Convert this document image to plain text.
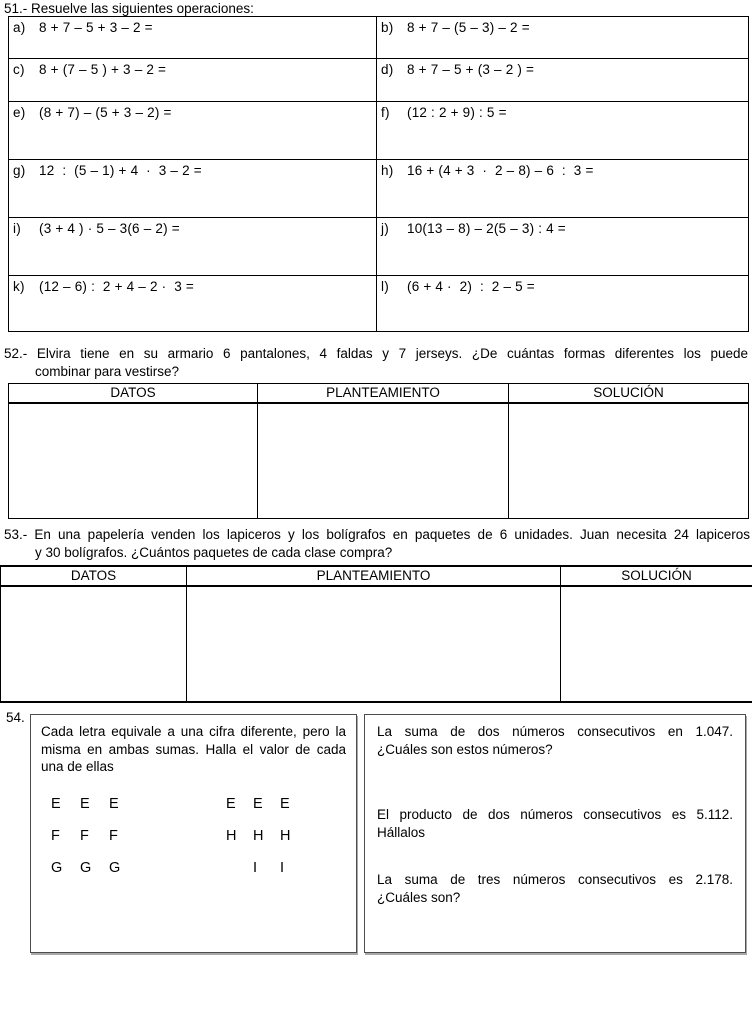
51.- Resuelve las siguientes operaciones:
a) 8 + 7 – 5 + 3 – 2 =	b) 8 + 7 – (5 – 3) – 2 =
c) 8 + (7 – 5 ) + 3 – 2 =	d) 8 + 7 – 5 + (3 – 2 ) =
e) (8 + 7) – (5 + 3 – 2) =	f) (12 : 2 + 9) : 5 =
g) 12  :  (5 – 1) + 4  ·  3 – 2 =	h) 16 + (4 + 3  ·  2 – 8) – 6  :  3 =
i) (3 + 4 ) · 5 – 3(6 – 2) =	j) 10(13 – 8) – 2(5 – 3) : 4 =
k) (12 – 6) :  2 + 4 – 2 ·  3 =	l) (6 + 4 ·  2)  :  2 – 5 =
52.- Elvira tiene en su armario 6 pantalones, 4 faldas y 7 jerseys. ¿De cuántas formas diferentes los puede
combinar para vestirse?
DATOS	PLANTEAMIENTO	SOLUCIÓN

53.- En una papelería venden los lapiceros y los bolígrafos en paquetes de 6 unidades. Juan necesita 24 lapiceros
y 30 bolígrafos. ¿Cuántos paquetes de cada clase compra?
DATOS	PLANTEAMIENTO	SOLUCIÓN

54.
Cada letra equivale a una cifra diferente, pero la
misma en ambas sumas. Halla el valor de cada
una de ellas
E E E
F F F
G G G
E E E
H H H
I I
La suma de dos números consecutivos en 1.047.
¿Cuáles son estos números?
El producto de dos números consecutivos es 5.112.
Hállalos
La suma de tres números consecutivos es 2.178.
¿Cuáles son?
